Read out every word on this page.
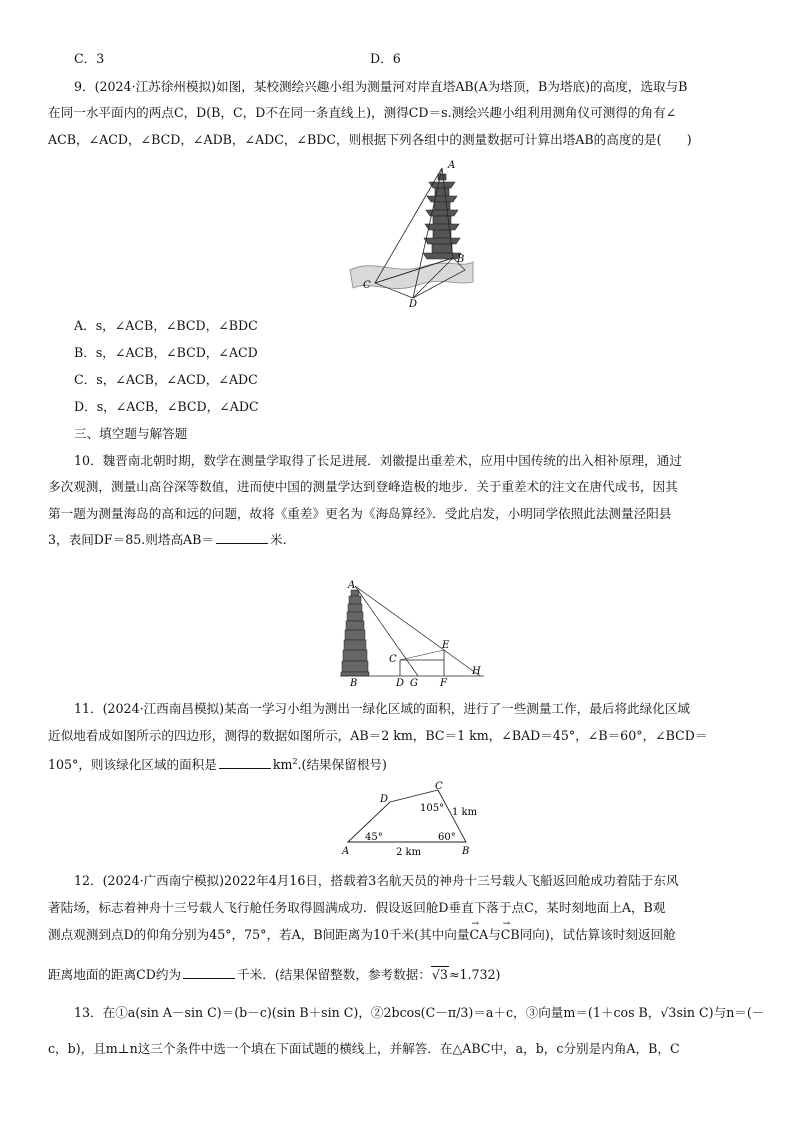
C．3	D．6
9．(2024·江苏徐州模拟)如图，某校测绘兴趣小组为测量河对岸直塔AB(A为塔顶，B为塔底)的高度，选取与B
在同一水平面内的两点C，D(B，C，D不在同一条直线上)，测得CD＝s.测绘兴趣小组利用测角仪可测得的角有∠
ACB，∠ACD，∠BCD，∠ADB，∠ADC，∠BDC，则根据下列各组中的测量数据可计算出塔AB的高度的是(　　)
A
B
C
D
A．s，∠ACB，∠BCD，∠BDC
B．s，∠ACB，∠BCD，∠ACD
C．s，∠ACB，∠ACD，∠ADC
D．s，∠ACB，∠BCD，∠ADC
三、填空题与解答题
10．魏晋南北朝时期，数学在测量学取得了长足进展．刘徽提出重差术，应用中国传统的出入相补原理，通过
多次观测，测量山高谷深等数值，进而使中国的测量学达到登峰造极的地步．关于重差术的注文在唐代成书，因其
第一题为测量海岛的高和远的问题，故将《重差》更名为《海岛算经》．受此启发，小明同学依照此法测量泾阳县
3，表间DF＝85.则塔高AB＝	米.
A
B
C
D G
E
F
H
11．(2024·江西南昌模拟)某高一学习小组为测出一绿化区域的面积，进行了一些测量工作，最后将此绿化区域
近似地看成如图所示的四边形，测得的数据如图所示，AB＝2 km，BC＝1 km，∠BAD＝45°，∠B＝60°，∠BCD＝
105°，则该绿化区域的面积是	$km^2$.(结果保留根号)
A	B
C
D
45°	60°
105° 1 km
2 km
12．(2024·广西南宁模拟)2022年4月16日，搭载着3名航天员的神舟十三号载人飞船返回舱成功着陆于东风
著陆场，标志着神舟十三号载人飞行舱任务取得圆满成功．假设返回舱D垂直下落于点C，某时刻地面上A，B观
测点观测到点D的仰角分别为45°，75°，若A，B间距离为10千米(其中向量→ CA与→ CB同向)，试估算该时刻返回舱
距离地面的距离CD约为	千米．(结果保留整数，参考数据：√3≈1.732)
13．在①a(sin A－sin C)＝(b－c)(sin B＋sin C)，②2bcos(C－π/3)＝a＋c，③向量m＝(1＋cos B，√3sin C)与n＝(－
c，b)，且m⊥n这三个条件中选一个填在下面试题的横线上，并解答．在△ABC中，a，b，c分别是内角A，B，C
